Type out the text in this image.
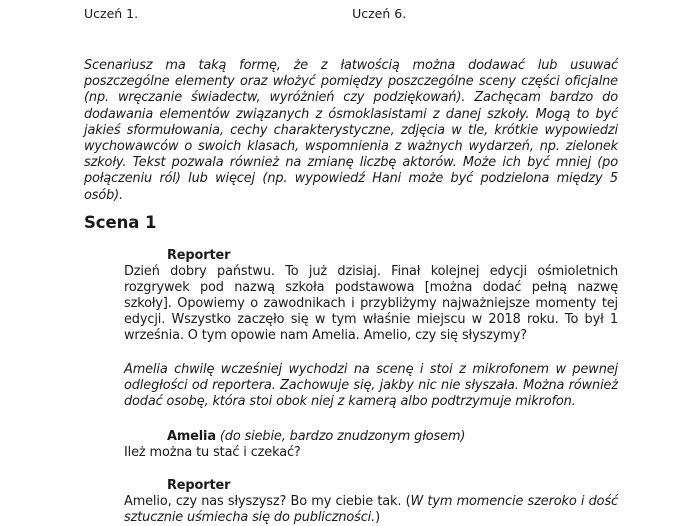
Uczeń 1.	Uczeń 6.

Scenariusz ma taką formę, że z łatwością można dodawać lub usuwać poszczególne elementy oraz włożyć pomiędzy poszczególne sceny części oficjalne (np. wręczanie świadectw, wyróżnień czy podziękowań). Zachęcam bardzo do dodawania elementów związanych z ósmoklasistami z danej szkoły. Mogą to być jakieś sformułowania, cechy charakterystyczne, zdjęcia w tle, krótkie wypowiedzi wychowawców o swoich klasach, wspomnienia z ważnych wydarzeń, np. zielonek szkoły. Tekst pozwala również na zmianę liczbę aktorów. Może ich być mniej (po połączeniu ról) lub więcej (np. wypowiedź Hani może być podzielona między 5 osób).

Scena 1

Reporter
Dzień dobry państwu. To już dzisiaj. Finał kolejnej edycji ośmioletnich rozgrywek pod nazwą szkoła podstawowa [można dodać pełną nazwę szkoły]. Opowiemy o zawodnikach i przybliżymy najważniejsze momenty tej edycji. Wszystko zaczęło się w tym właśnie miejscu w 2018 roku. To był 1 września. O tym opowie nam Amelia. Amelio, czy się słyszymy?

Amelia chwilę wcześniej wychodzi na scenę i stoi z mikrofonem w pewnej odległości od reportera. Zachowuje się, jakby nic nie słyszała. Można również dodać osobę, która stoi obok niej z kamerą albo podtrzymuje mikrofon.

Amelia (do siebie, bardzo znudzonym głosem)
Ileż można tu stać i czekać?

Reporter
Amelio, czy nas słyszysz? Bo my ciebie tak. (W tym momencie szeroko i dość sztucznie uśmiecha się do publiczności.)
